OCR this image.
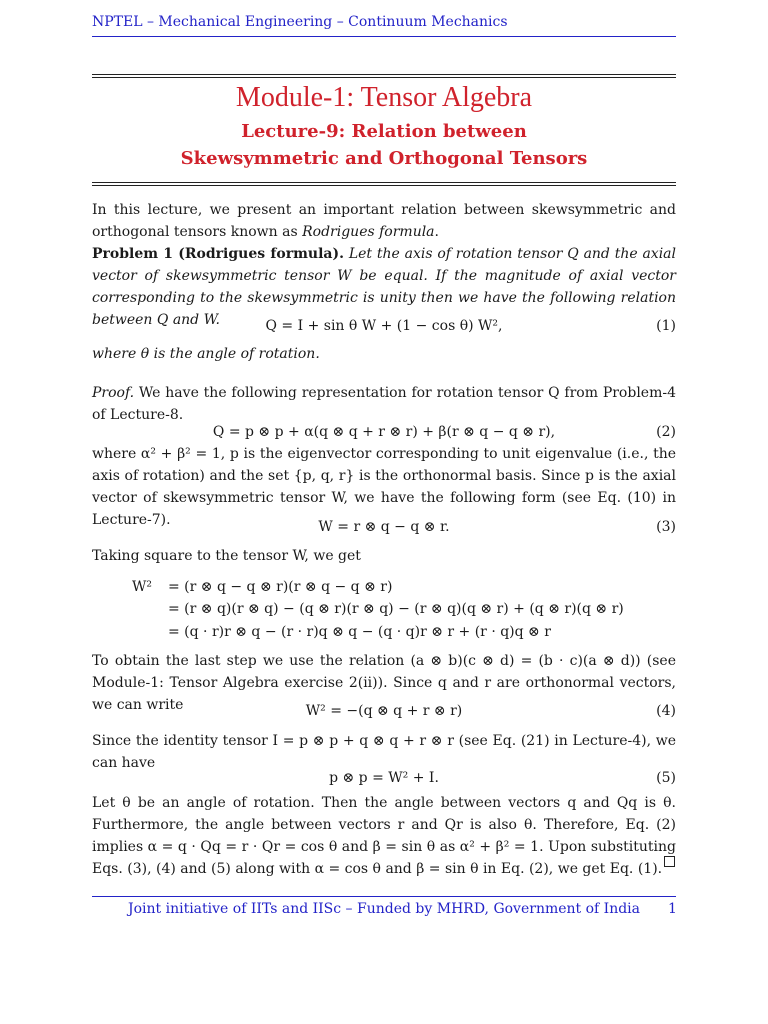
NPTEL – Mechanical Engineering – Continuum Mechanics
Module-1: Tensor Algebra
Lecture-9: Relation between
Skewsymmetric and Orthogonal Tensors

In this lecture, we present an important relation between skewsymmetric and orthogonal tensors known as Rodrigues formula.

Problem 1 (Rodrigues formula). Let the axis of rotation tensor Q and the axial vector of skewsymmetric tensor W be equal. If the magnitude of axial vector corresponding to the skewsymmetric is unity then we have the following relation between Q and W.	Q = I + sin θ W + (1 − cos θ) W²,	(1)

where θ is the angle of rotation.

Proof. We have the following representation for rotation tensor Q from Problem-4 of Lecture-8.

Q = p ⊗ p + α(q ⊗ q + r ⊗ r) + β(r ⊗ q − q ⊗ r),	(2)

where α² + β² = 1, p is the eigenvector corresponding to unit eigenvalue (i.e., the axis of rotation) and the set {p, q, r} is the orthonormal basis. Since p is the axial vector of skewsymmetric tensor W, we have the following form (see Eq. (10) in Lecture-7).	W = r ⊗ q − q ⊗ r.	(3)

Taking square to the tensor W, we get

W² = (r ⊗ q − q ⊗ r)(r ⊗ q − q ⊗ r)
= (r ⊗ q)(r ⊗ q) − (q ⊗ r)(r ⊗ q) − (r ⊗ q)(q ⊗ r) + (q ⊗ r)(q ⊗ r)
= (q · r)r ⊗ q − (r · r)q ⊗ q − (q · q)r ⊗ r + (r · q)q ⊗ r

To obtain the last step we use the relation (a ⊗ b)(c ⊗ d) = (b · c)(a ⊗ d)) (see Module-1: Tensor Algebra exercise 2(ii)). Since q and r are orthonormal vectors, we can write	W² = −(q ⊗ q + r ⊗ r)	(4)

Since the identity tensor I = p ⊗ p + q ⊗ q + r ⊗ r (see Eq. (21) in Lecture-4), we can have

p ⊗ p = W² + I.	(5)

Let θ be an angle of rotation. Then the angle between vectors q and Qq is θ. Furthermore, the angle between vectors r and Qr is also θ. Therefore, Eq. (2) implies α = q · Qq = r · Qr = cos θ and β = sin θ as α² + β² = 1. Upon substituting Eqs. (3), (4) and (5) along with α = cos θ and β = sin θ in Eq. (2), we get Eq. (1).

Joint initiative of IITs and IISc – Funded by MHRD, Government of India	1
